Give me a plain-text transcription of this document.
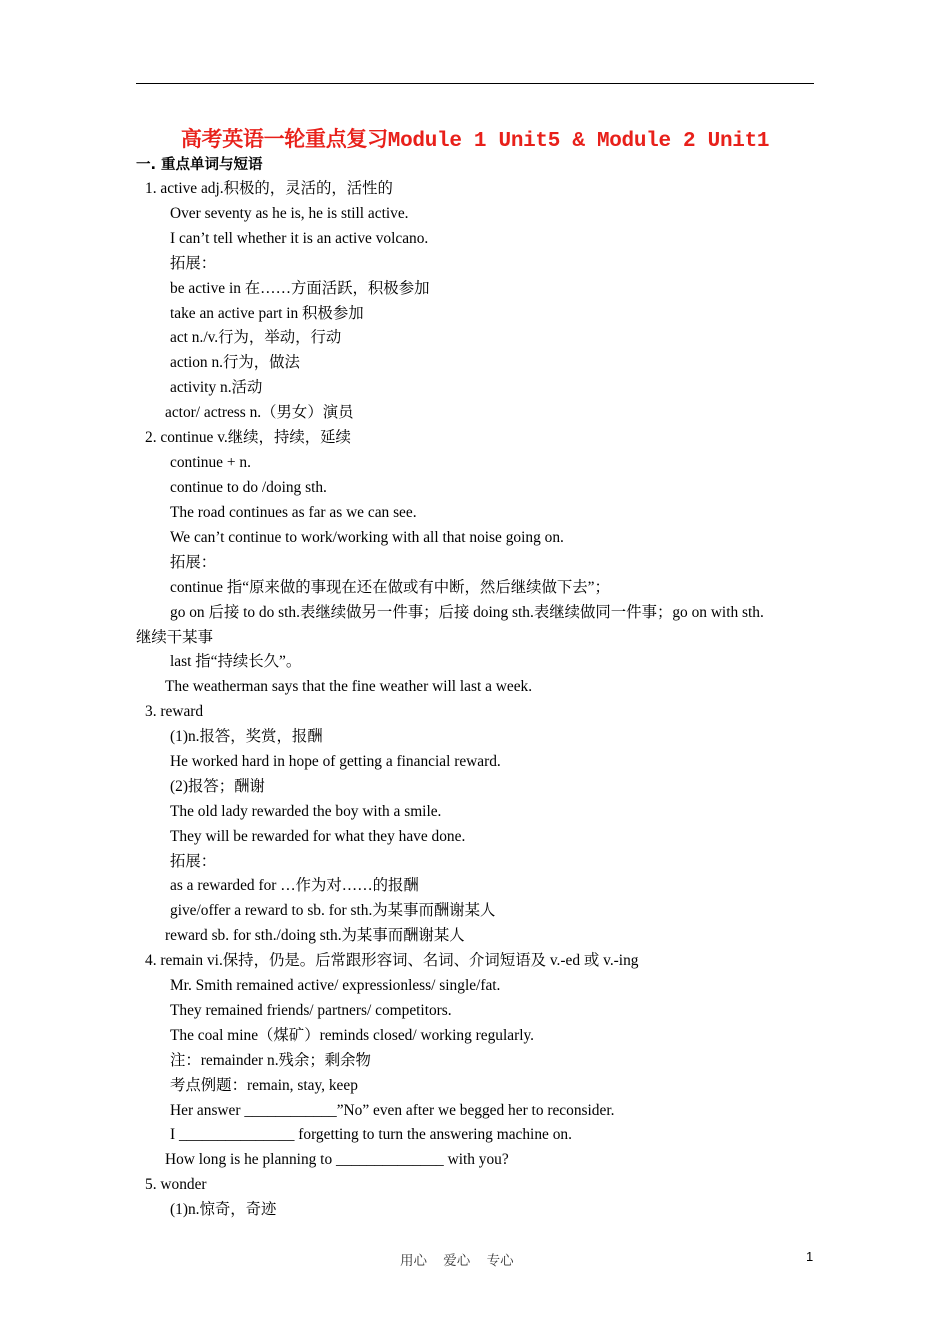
高考英语一轮重点复习Module 1 Unit5 & Module 2 Unit1
一. 重点单词与短语
1. active adj.积极的，灵活的，活性的
Over seventy as he is, he is still active.
I can’t tell whether it is an active volcano.
拓展：
be active in 在……方面活跃，积极参加
take an active part in 积极参加
act n./v.行为，举动，行动
action n.行为，做法
activity n.活动
actor/ actress n.（男女）演员
2. continue v.继续，持续，延续
continue + n.
continue to do /doing sth.
The road continues as far as we can see.
We can’t continue to work/working with all that noise going on.
拓展：
continue 指“原来做的事现在还在做或有中断，然后继续做下去”；
go on 后接 to do sth.表继续做另一件事；后接 doing sth.表继续做同一件事；go on with sth.
继续干某事
last 指“持续长久”。
The weatherman says that the fine weather will last a week.
3. reward
(1)n.报答，奖赏，报酬
He worked hard in hope of getting a financial reward.
(2)报答；酬谢
The old lady rewarded the boy with a smile.
They will be rewarded for what they have done.
拓展：
as a rewarded for …作为对……的报酬
give/offer a reward to sb. for sth.为某事而酬谢某人
reward sb. for sth./doing sth.为某事而酬谢某人
4. remain vi.保持，仍是。后常跟形容词、名词、介词短语及 v.-ed 或 v.-ing
Mr. Smith remained active/ expressionless/ single/fat.
They remained friends/ partners/ competitors.
The coal mine（煤矿）reminds closed/ working regularly.
注：remainder n.残余；剩余物
考点例题：remain, stay, keep
Her answer ____________”No” even after we begged her to reconsider.
I _______________ forgetting to turn the answering machine on.
How long is he planning to ______________ with you?
5. wonder
(1)n.惊奇，奇迹
用心 爱心 专心	1
